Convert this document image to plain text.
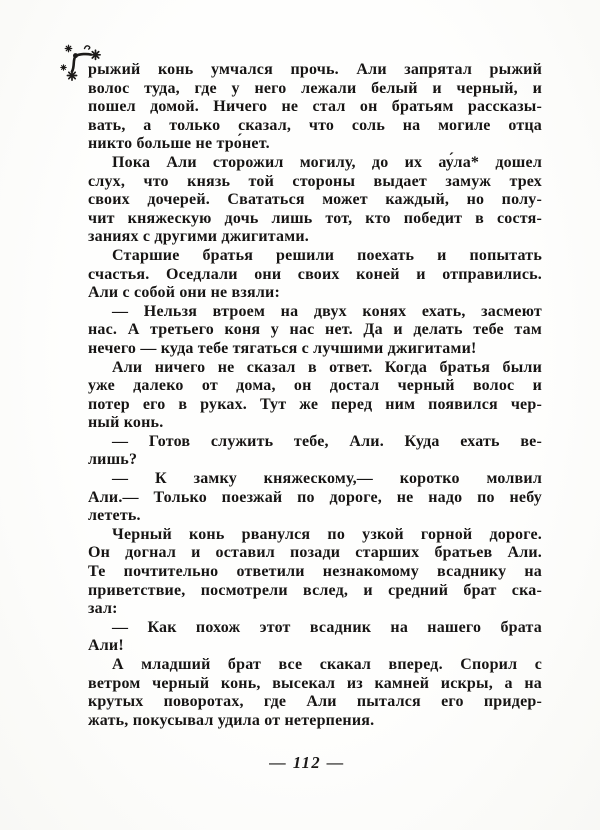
рыжий конь умчался прочь. Али запрятал рыжий
волос туда, где у него лежали белый и черный, и
пошел домой. Ничего не стал он братьям рассказы-
вать, а только сказал, что соль на могиле отца
никто больше не тро́нет.
Пока Али сторожил могилу, до их ау́ла* дошел
слух, что князь той стороны выдает замуж трех
своих дочерей. Свататься может каждый, но полу-
чит княжескую дочь лишь тот, кто победит в состя-
заниях с другими джигитами.
Старшие братья решили поехать и попытать
счастья. Оседлали они своих коней и отправились.
Али с собой они не взяли:
— Нельзя втроем на двух конях ехать, засмеют
нас. А третьего коня у нас нет. Да и делать тебе там
нечего — куда тебе тягаться с лучшими джигитами!
Али ничего не сказал в ответ. Когда братья были
уже далеко от дома, он достал черный волос и
потер его в руках. Тут же перед ним появился чер-
ный конь.
— Готов служить тебе, Али. Куда ехать ве-
лишь?
— К замку княжескому,— коротко молвил
Али.— Только поезжай по дороге, не надо по небу
лететь.
Черный конь рванулся по узкой горной дороге.
Он догнал и оставил позади старших братьев Али.
Те почтительно ответили незнакомому всаднику на
приветствие, посмотрели вслед, и средний брат ска-
зал:
— Как похож этот всадник на нашего брата
Али!
А младший брат все скакал вперед. Спорил с
ветром черный конь, высекал из камней искры, а на
крутых поворотах, где Али пытался его придер-
жать, покусывал удила от нетерпения.
— 112 —
